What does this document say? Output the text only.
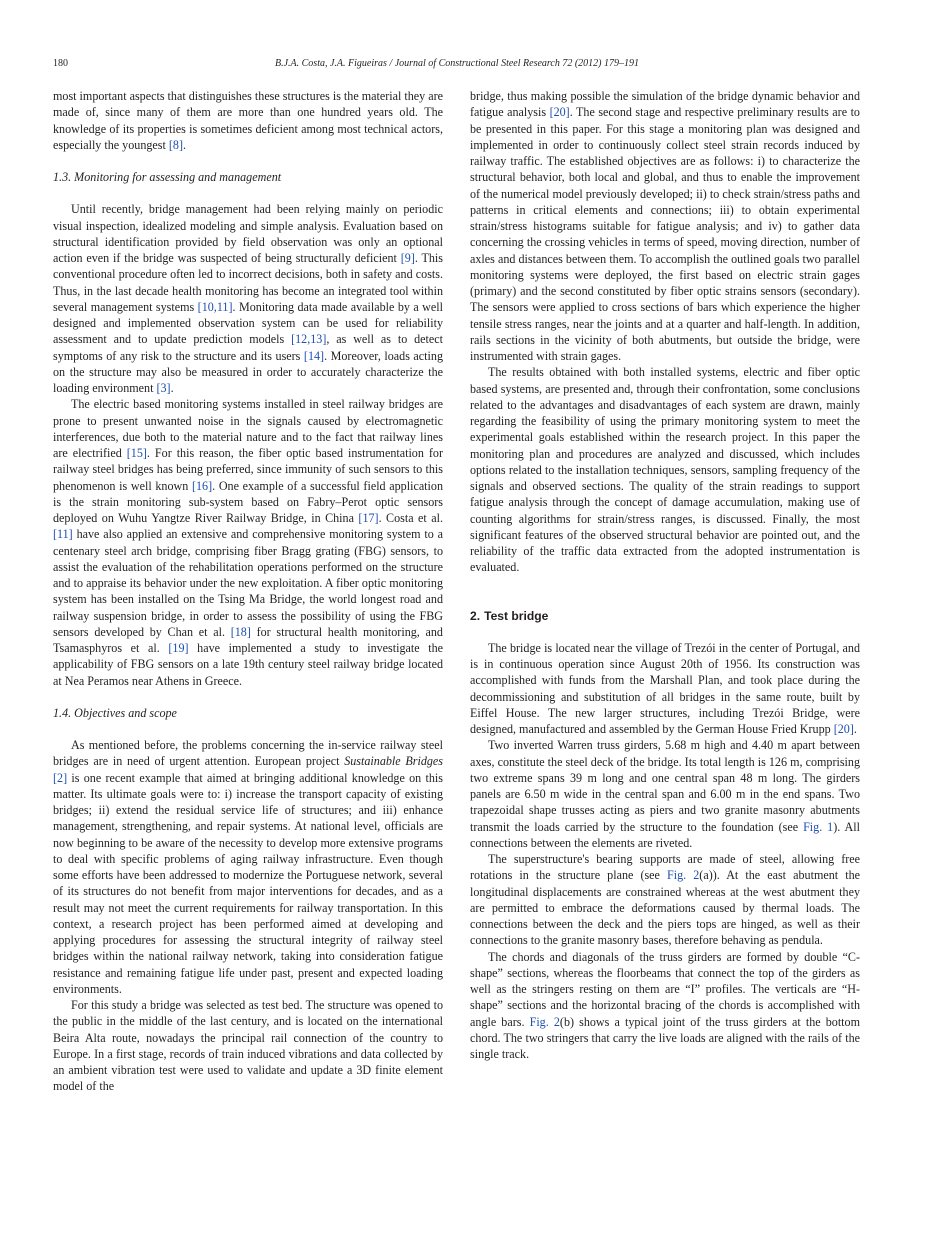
180	B.J.A. Costa, J.A. Figueiras / Journal of Constructional Steel Research 72 (2012) 179–191

most important aspects that distinguishes these structures is the material they are made of, since many of them are more than one hundred years old. The knowledge of its properties is sometimes deficient among most technical actors, especially the youngest [8].

1.3. Monitoring for assessing and management

Until recently, bridge management had been relying mainly on periodic visual inspection, idealized modeling and simple analysis. Evaluation based on structural identification provided by field observation was only an optional action even if the bridge was suspected of being structurally deficient [9]. This conventional procedure often led to incorrect decisions, both in safety and costs. Thus, in the last decade health monitoring has become an integrated tool within several management systems [10,11]. Monitoring data made available by a well designed and implemented observation system can be used for reliability assessment and to update prediction models [12,13], as well as to detect symptoms of any risk to the structure and its users [14]. Moreover, loads acting on the structure may also be measured in order to accurately characterize the loading environment [3].

The electric based monitoring systems installed in steel railway bridges are prone to present unwanted noise in the signals caused by electromagnetic interferences, due both to the material nature and to the fact that railway lines are electrified [15]. For this reason, the fiber optic based instrumentation for railway steel bridges has being preferred, since immunity of such sensors to this phenomenon is well known [16]. One example of a successful field application is the strain monitoring sub-system based on Fabry–Perot optic sensors deployed on Wuhu Yangtze River Railway Bridge, in China [17]. Costa et al. [11] have also applied an extensive and comprehensive monitoring system to a centenary steel arch bridge, comprising fiber Bragg grating (FBG) sensors, to assist the evaluation of the rehabilitation operations performed on the structure and to appraise its behavior under the new exploitation. A fiber optic monitoring system has been installed on the Tsing Ma Bridge, the world longest road and railway suspension bridge, in order to assess the possibility of using the FBG sensors developed by Chan et al. [18] for structural health monitoring, and Tsamasphyros et al. [19] have implemented a study to investigate the applicability of FBG sensors on a late 19th century steel railway bridge located at Nea Peramos near Athens in Greece.

1.4. Objectives and scope

As mentioned before, the problems concerning the in-service railway steel bridges are in need of urgent attention. European project Sustainable Bridges [2] is one recent example that aimed at bringing additional knowledge on this matter. Its ultimate goals were to: i) increase the transport capacity of existing bridges; ii) extend the residual service life of structures; and iii) enhance management, strengthening, and repair systems. At national level, officials are now beginning to be aware of the necessity to develop more extensive programs to deal with specific problems of aging railway infrastructure. Even though some efforts have been addressed to modernize the Portuguese network, several of its structures do not benefit from major interventions for decades, and as a result may not meet the current requirements for railway transportation. In this context, a research project has been performed aimed at developing and applying procedures for assessing the structural integrity of railway steel bridges within the national railway network, taking into consideration fatigue resistance and remaining fatigue life under past, present and expected loading environments.

For this study a bridge was selected as test bed. The structure was opened to the public in the middle of the last century, and is located on the international Beira Alta route, nowadays the principal rail connection of the country to Europe. In a first stage, records of train induced vibrations and data collected by an ambient vibration test were used to validate and update a 3D finite element model of the

bridge, thus making possible the simulation of the bridge dynamic behavior and fatigue analysis [20]. The second stage and respective preliminary results are to be presented in this paper. For this stage a monitoring plan was designed and implemented in order to continuously collect steel strain records induced by railway traffic. The established objectives are as follows: i) to characterize the structural behavior, both local and global, and thus to enable the improvement of the numerical model previously developed; ii) to check strain/stress paths and patterns in critical elements and connections; iii) to obtain experimental strain/stress histograms suitable for fatigue analysis; and iv) to gather data concerning the crossing vehicles in terms of speed, moving direction, number of axles and distances between them. To accomplish the outlined goals two parallel monitoring systems were deployed, the first based on electric strain gages (primary) and the second constituted by fiber optic strains sensors (secondary). The sensors were applied to cross sections of bars which experience the higher tensile stress ranges, near the joints and at a quarter and half-length. In addition, rails sections in the vicinity of both abutments, but outside the bridge, were instrumented with strain gages.

The results obtained with both installed systems, electric and fiber optic based systems, are presented and, through their confrontation, some conclusions related to the advantages and disadvantages of each system are drawn, mainly regarding the feasibility of using the primary monitoring system to meet the experimental goals established within the research project. In this paper the monitoring plan and procedures are analyzed and discussed, which includes options related to the installation techniques, sensors, sampling frequency of the signals and observed sections. The quality of the strain readings to support fatigue analysis through the concept of damage accumulation, making use of counting algorithms for strain/stress ranges, is discussed. Finally, the most significant features of the observed structural behavior are pointed out, and the reliability of the traffic data extracted from the adopted instrumentation is evaluated.

2. Test bridge

The bridge is located near the village of Trezói in the center of Portugal, and is in continuous operation since August 20th of 1956. Its construction was accomplished with funds from the Marshall Plan, and took place during the decommissioning and substitution of all bridges in the same route, built by Eiffel House. The new larger structures, including Trezói Bridge, were designed, manufactured and assembled by the German House Fried Krupp [20].

Two inverted Warren truss girders, 5.68 m high and 4.40 m apart between axes, constitute the steel deck of the bridge. Its total length is 126 m, comprising two extreme spans 39 m long and one central span 48 m long. The girders panels are 6.50 m wide in the central span and 6.00 m in the end spans. Two trapezoidal shape trusses acting as piers and two granite masonry abutments transmit the loads carried by the structure to the foundation (see Fig. 1). All connections between the elements are riveted.

The superstructure's bearing supports are made of steel, allowing free rotations in the structure plane (see Fig. 2(a)). At the east abutment the longitudinal displacements are constrained whereas at the west abutment they are permitted to embrace the deformations caused by thermal loads. The connections between the deck and the piers tops are hinged, as well as their connections to the granite masonry bases, therefore behaving as pendula.

The chords and diagonals of the truss girders are formed by double “C-shape” sections, whereas the floorbeams that connect the top of the girders as well as the stringers resting on them are “I” profiles. The verticals are “H-shape” sections and the horizontal bracing of the chords is accomplished with angle bars. Fig. 2(b) shows a typical joint of the truss girders at the bottom chord. The two stringers that carry the live loads are aligned with the rails of the single track.
